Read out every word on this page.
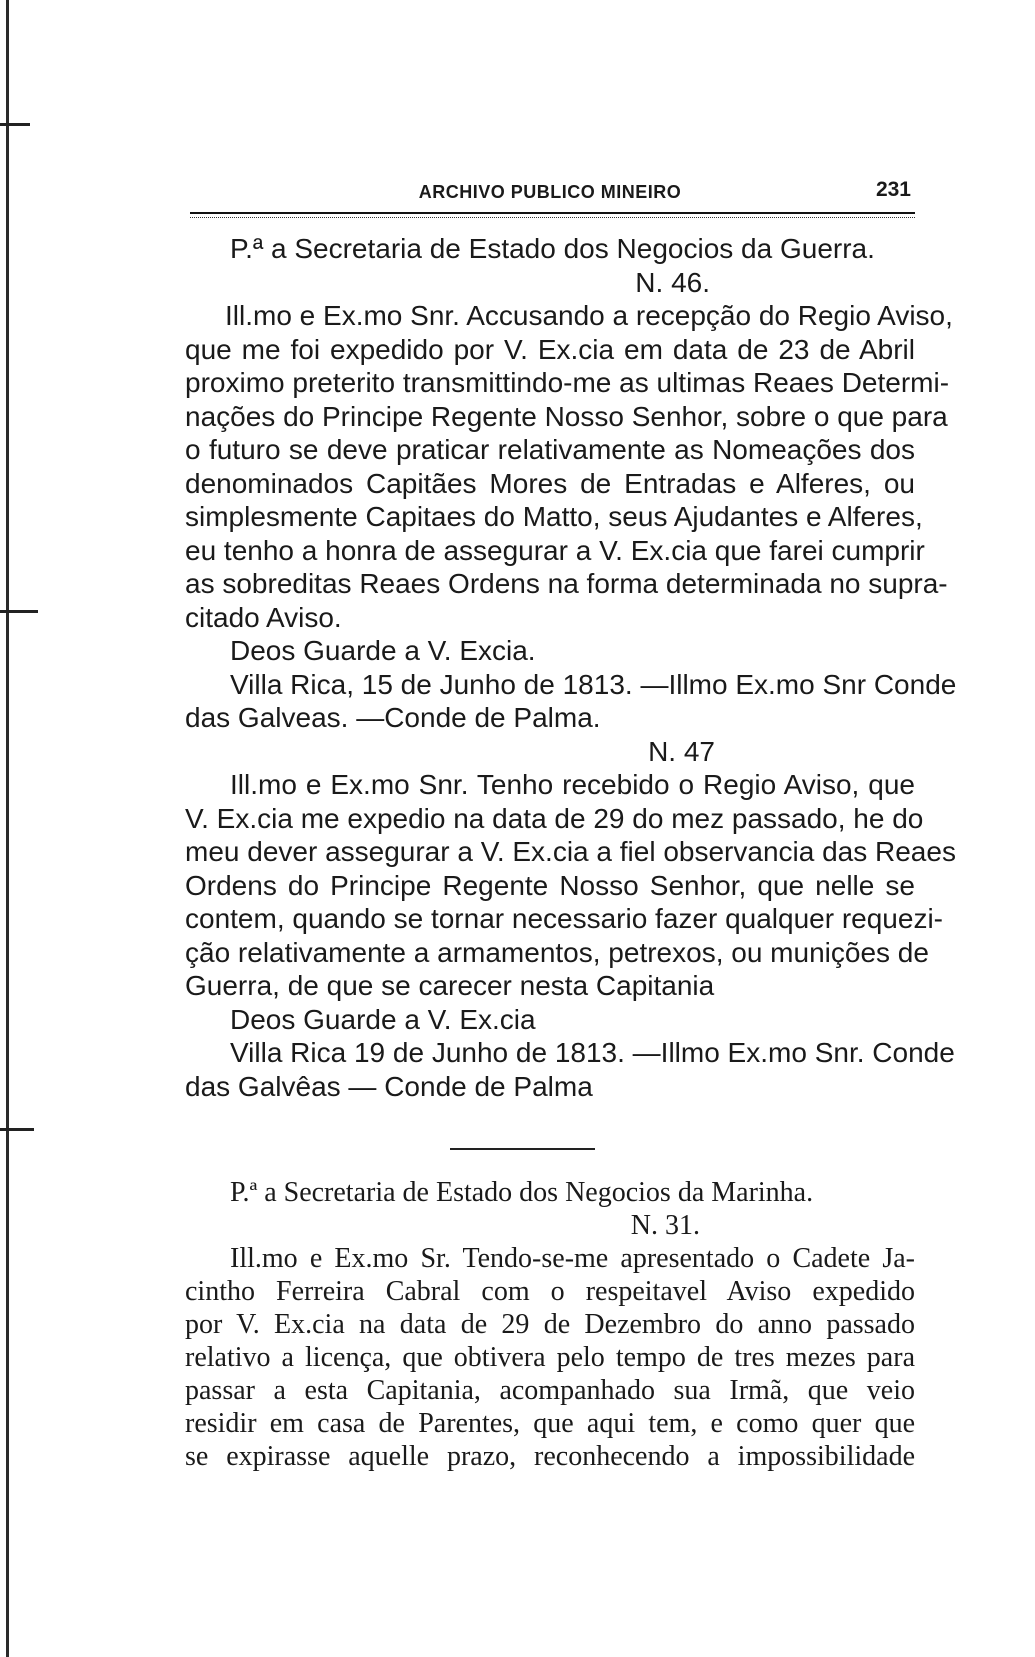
ARCHIVO PUBLICO MINEIRO	231
P.ª a Secretaria de Estado dos Negocios da Guerra.
N. 46.
Ill.mo e Ex.mo Snr. Accusando a recepção do Regio Aviso,
que me foi expedido por V. Ex.cia em data de 23 de Abril
proximo preterito transmittindo-me as ultimas Reaes Determi-
nações do Principe Regente Nosso Senhor, sobre o que para
o futuro se deve praticar relativamente as Nomeações dos
denominados Capitães Mores de Entradas e Alferes, ou
simplesmente Capitaes do Matto, seus Ajudantes e Alferes,
eu tenho a honra de assegurar a V. Ex.cia que farei cumprir
as sobreditas Reaes Ordens na forma determinada no supra-
citado Aviso.
Deos Guarde a V. Excia.
Villa Rica, 15 de Junho de 1813. —Illmo Ex.mo Snr Conde
das Galveas. —Conde de Palma.
N. 47
Ill.mo e Ex.mo Snr. Tenho recebido o Regio Aviso, que
V. Ex.cia me expedio na data de 29 do mez passado, he do
meu dever assegurar a V. Ex.cia a fiel observancia das Reaes
Ordens do Principe Regente Nosso Senhor, que nelle se
contem, quando se tornar necessario fazer qualquer requezi-
ção relativamente a armamentos, petrexos, ou munições de
Guerra, de que se carecer nesta Capitania
Deos Guarde a V. Ex.cia
Villa Rica 19 de Junho de 1813. —Illmo Ex.mo Snr. Conde
das Galvêas — Conde de Palma
P.ª a Secretaria de Estado dos Negocios da Marinha.
N. 31.
Ill.mo e Ex.mo Sr. Tendo-se-me apresentado o Cadete Ja-
cintho Ferreira Cabral com o respeitavel Aviso expedido
por V. Ex.cia na data de 29 de Dezembro do anno passado
relativo a licença, que obtivera pelo tempo de tres mezes para
passar a esta Capitania, acompanhado sua Irmã, que veio
residir em casa de Parentes, que aqui tem, e como quer que
se expirasse aquelle prazo, reconhecendo a impossibilidade
